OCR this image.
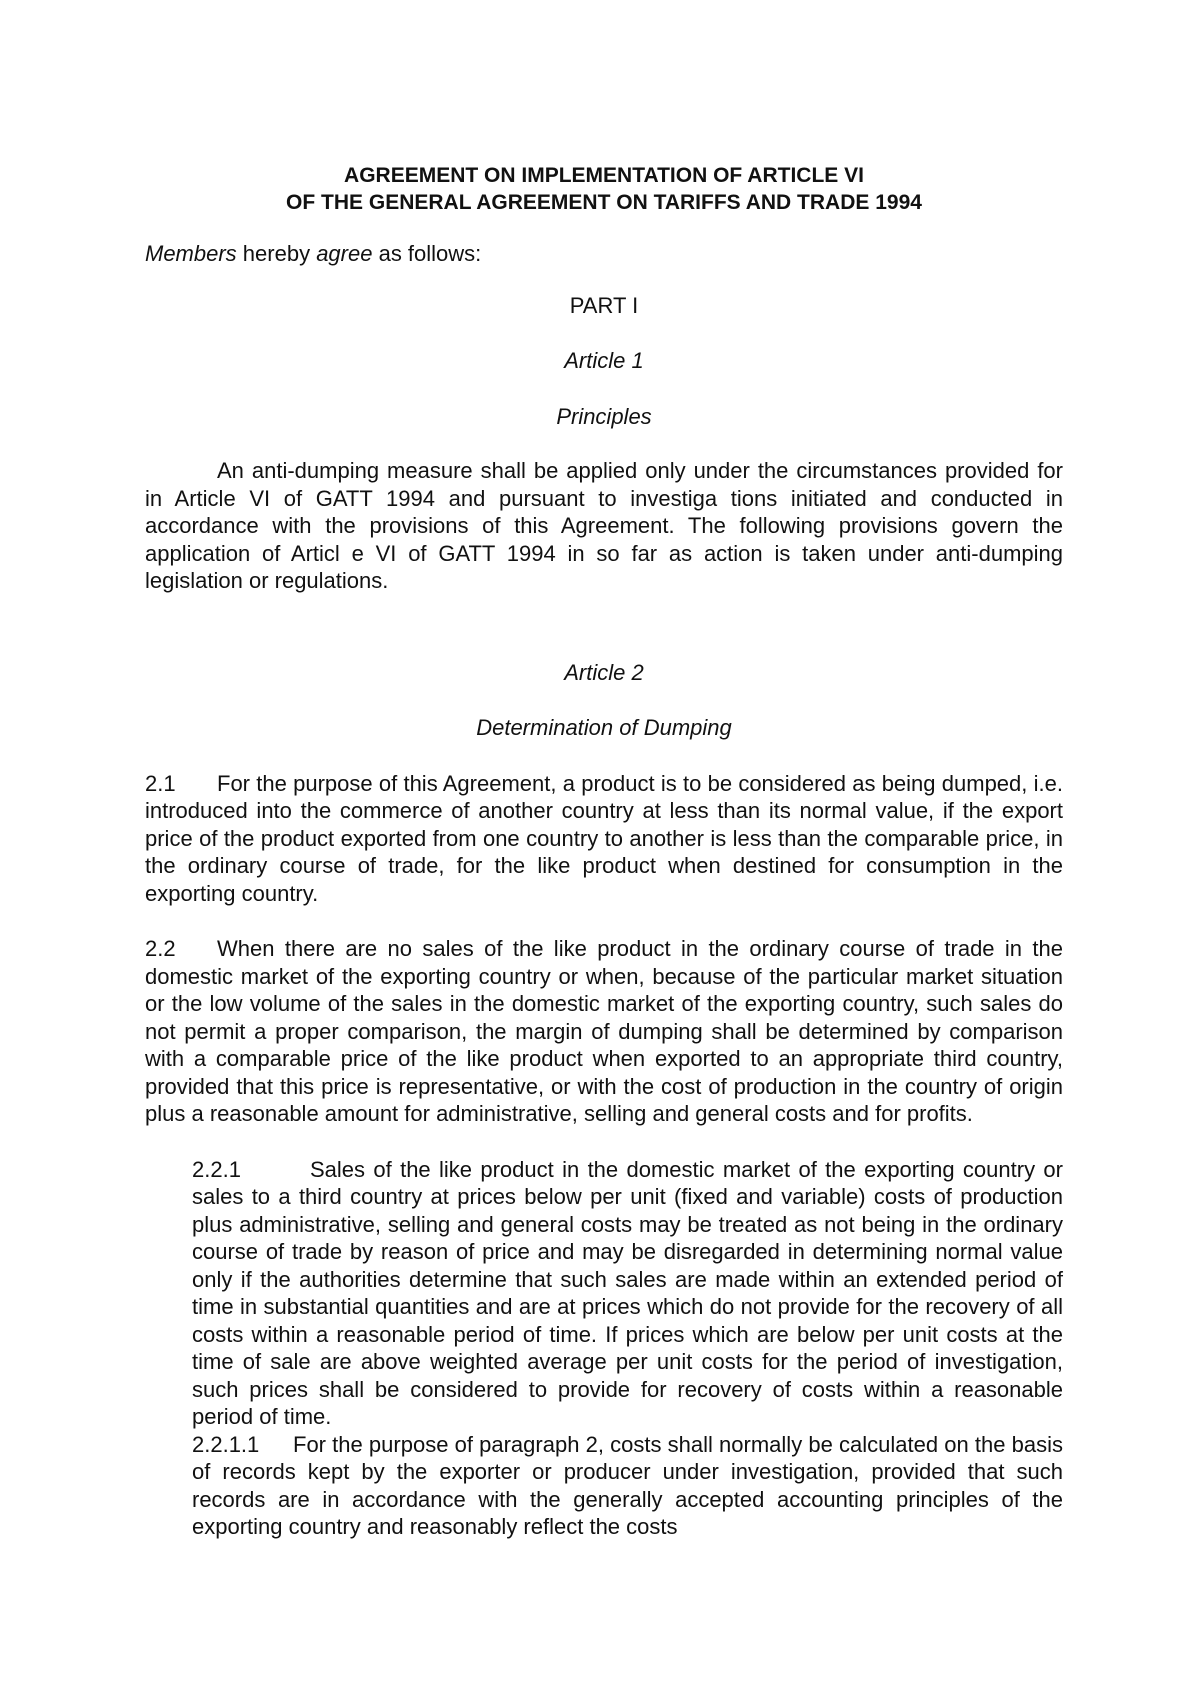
AGREEMENT ON IMPLEMENTATION OF ARTICLE VI

OF THE GENERAL AGREEMENT ON TARIFFS AND TRADE 1994

Members hereby agree as follows:

PART I

Article 1

Principles

An anti-dumping measure shall be applied only under the circumstances provided for in Article VI of GATT 1994 and pursuant to investiga tions initiated and conducted in accordance with the provisions of this Agreement. The following provisions govern the application of Articl e VI of GATT 1994 in so far as action is taken under anti-dumping legislation or regulations.

Article 2

Determination of Dumping

2.1 For the purpose of this Agreement, a product is to be considered as being dumped, i.e. introduced into the commerce of another country at less than its normal value, if the export price of the product exported from one country to another is less than the comparable price, in the ordinary course of trade, for the like product when destined for consumption in the exporting country.

2.2 When there are no sales of the like product in the ordinary course of trade in the domestic market of the exporting country or when, because of the particular market situation or the low volume of the sales in the domestic market of the exporting country, such sales do not permit a proper comparison, the margin of dumping shall be determined by comparison with a comparable price of the like product when exported to an appropriate third country, provided that this price is representative, or with the cost of production in the country of origin plus a reasonable amount for administrative, selling and general costs and for profits.

2.2.1	Sales of the like product in the domestic market of the exporting country or sales to a third country at prices below per unit (fixed and variable) costs of production plus administrative, selling and general costs may be treated as not being in the ordinary course of trade by reason of price and may be disregarded in determining normal value only if the authorities determine that such sales are made within an extended period of time in substantial quantities and are at prices which do not provide for the recovery of all costs within a reasonable period of time. If prices which are below per unit costs at the time of sale are above weighted average per unit costs for the period of investigation, such prices shall be considered to provide for recovery of costs within a reasonable period of time.

2.2.1.1 For the purpose of paragraph 2, costs shall normally be calculated on the basis of records kept by the exporter or producer under investigation, provided that such records are in accordance with the generally accepted accounting principles of the exporting country and reasonably reflect the costs
